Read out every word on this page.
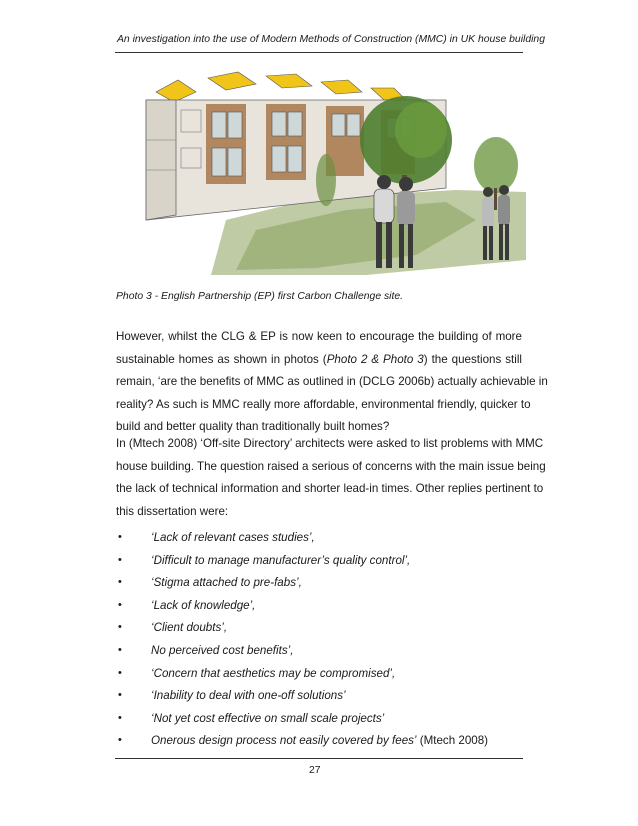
An investigation into the use of Modern Methods of Construction (MMC) in UK house building
Photo 3 - English Partnership (EP) first Carbon Challenge site.

However, whilst the CLG & EP is now keen to encourage the building of more
sustainable homes as shown in photos (Photo 2 & Photo 3) the questions still
remain, ‘are the benefits of MMC as outlined in (DCLG 2006b) actually achievable in
reality? As such is MMC really more affordable, environmental friendly, quicker to
build and better quality than traditionally built homes?

In (Mtech 2008) ‘Off-site Directory’ architects were asked to list problems with MMC
house building. The question raised a serious of concerns with the main issue being
the lack of technical information and shorter lead-in times. Other replies pertinent to
this dissertation were:

•	‘Lack of relevant cases studies’,
•	‘Difficult to manage manufacturer’s quality control’,
•	‘Stigma attached to pre-fabs’,
•	‘Lack of knowledge’,
•	‘Client doubts’,
•	No perceived cost benefits’,
•	‘Concern that aesthetics may be compromised’,
•	‘Inability to deal with one-off solutions’
•	‘Not yet cost effective on small scale projects’
•	Onerous design process not easily covered by fees’ (Mtech 2008)
27
